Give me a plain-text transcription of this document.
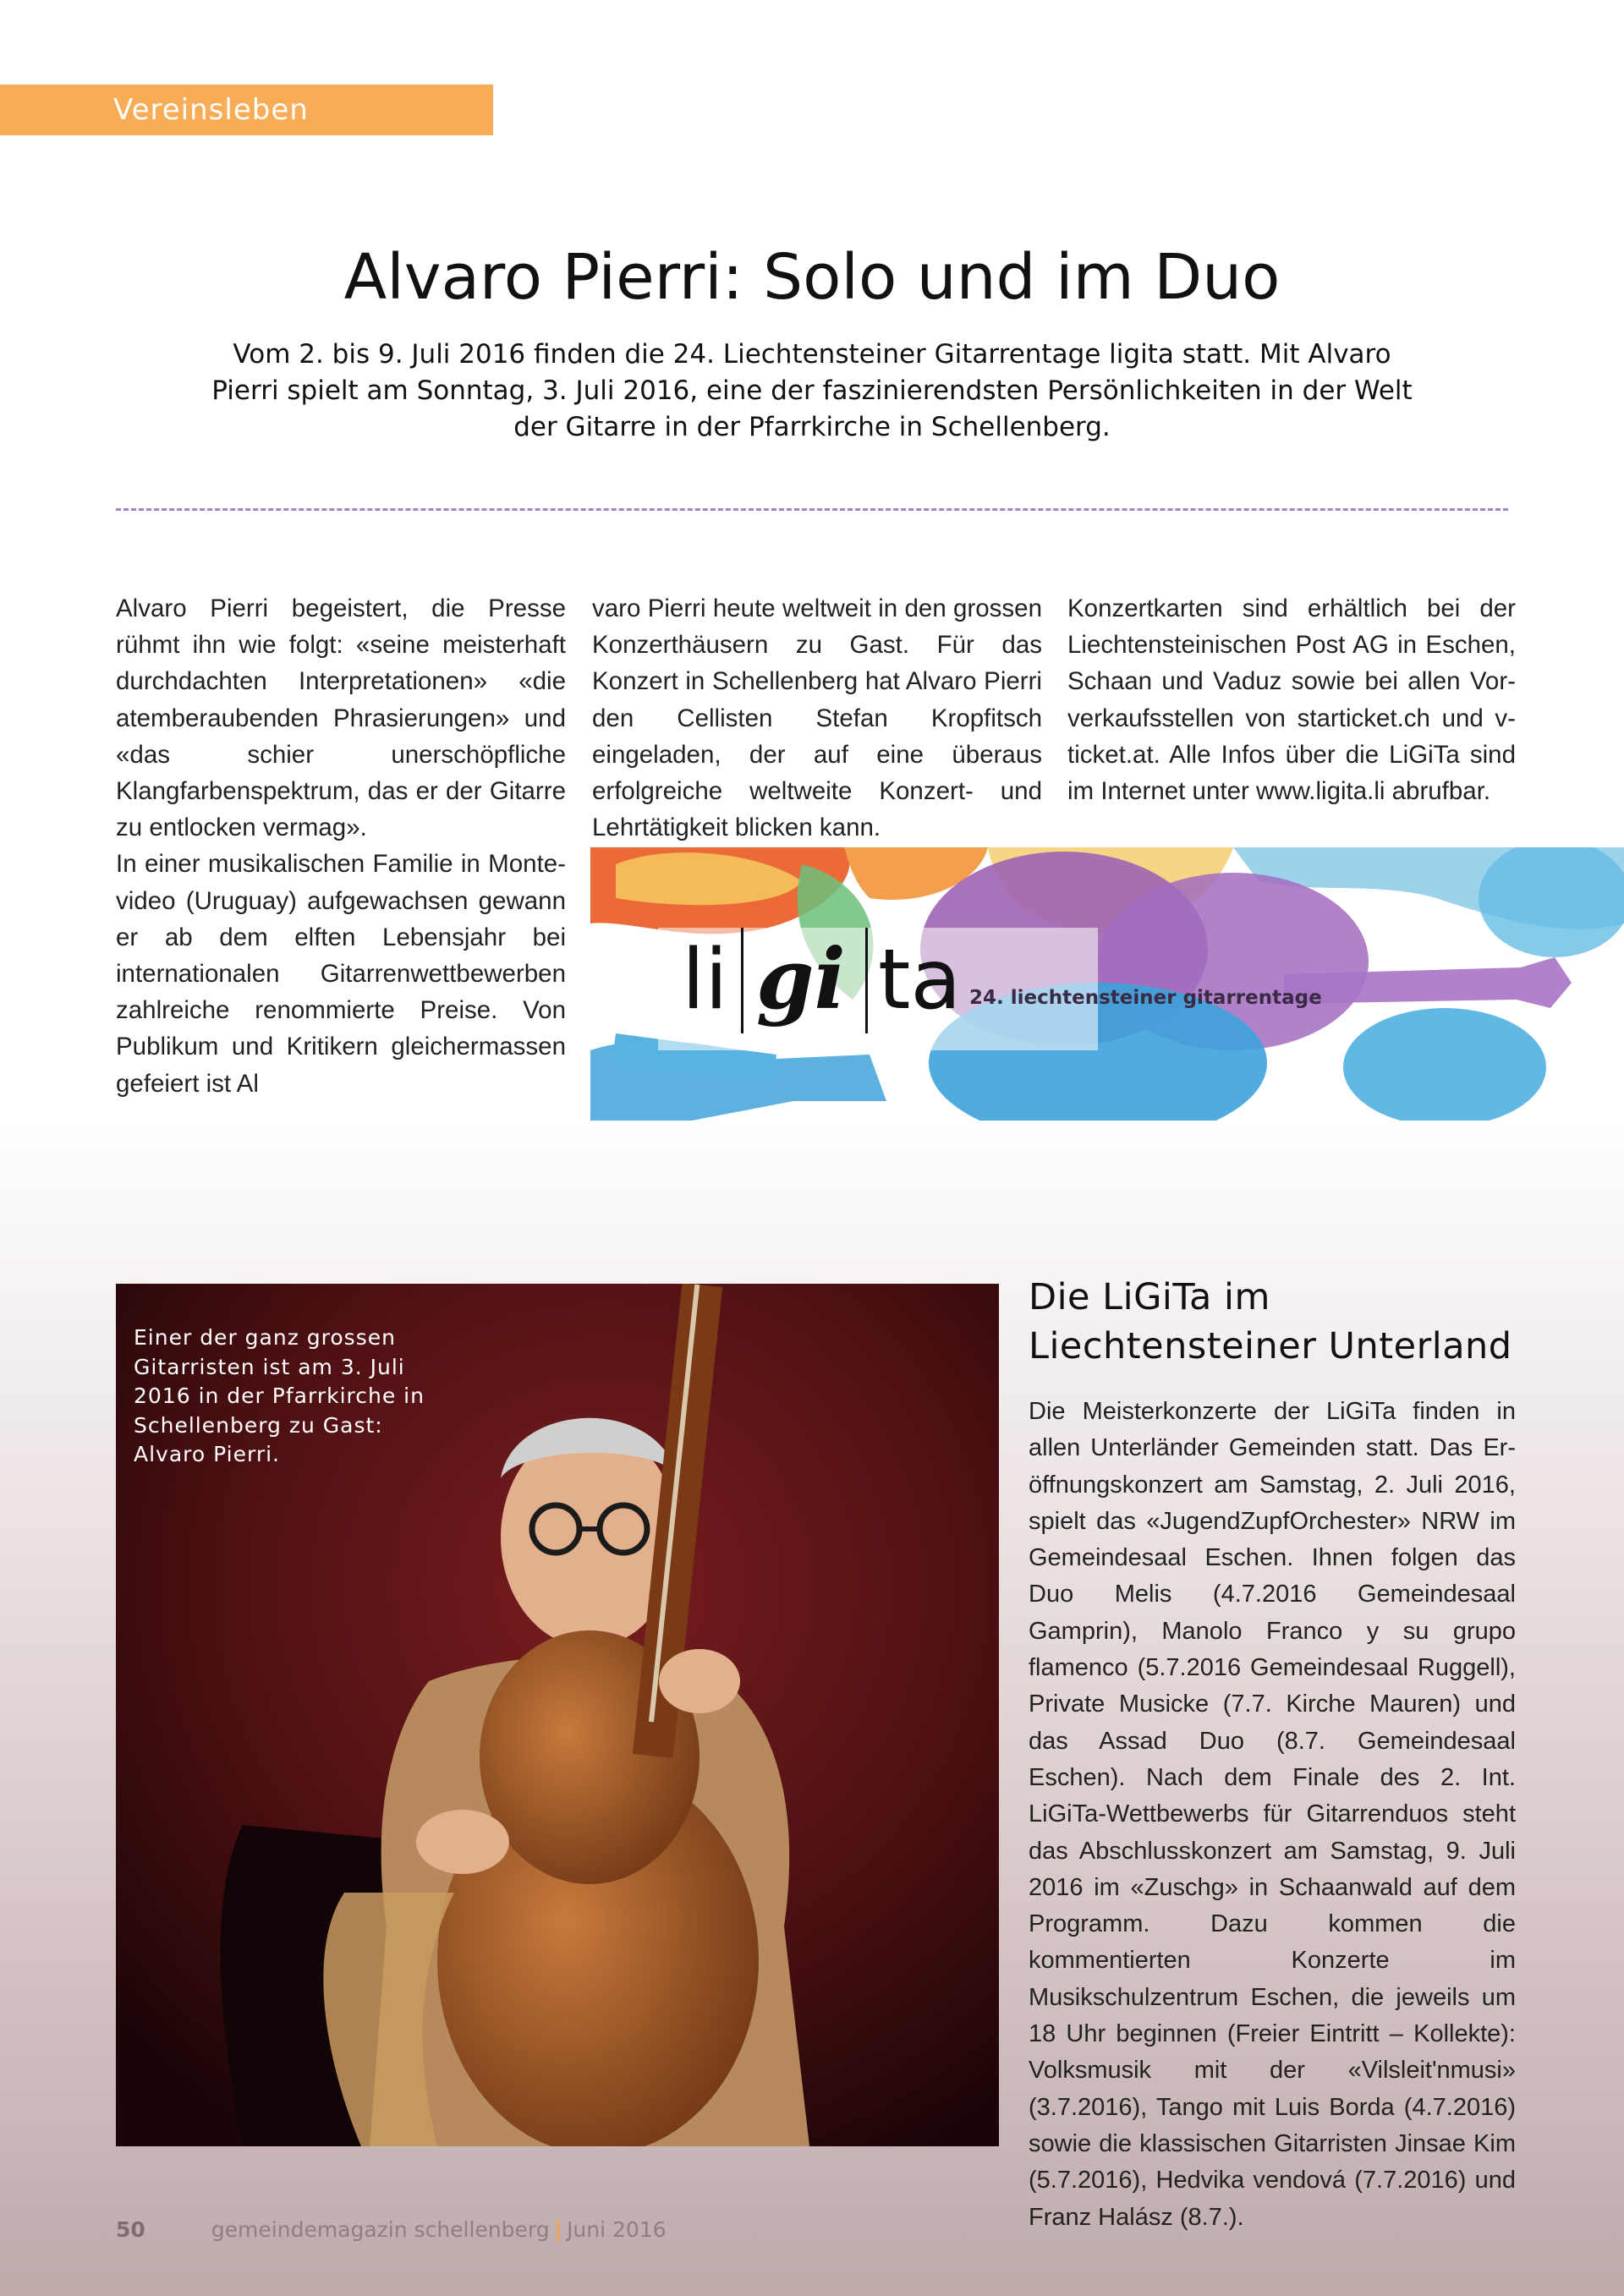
Vereinsleben
Alvaro Pierri: Solo und im Duo

Vom 2. bis 9. Juli 2016 finden die 24. Liechtensteiner Gitarrentage ligita statt. Mit Alvaro Pierri spielt am Sonntag, 3. Juli 2016, eine der faszinierendsten Persönlichkeiten in der Welt der Gitarre in der Pfarrkirche in Schellenberg.

Alvaro Pierri begeistert, die Presse rühmt ihn wie folgt: «seine meisterhaft durchdachten Interpretationen» «die atemberaubenden Phrasierungen» und «das schier unerschöpfliche Klangfarbenspektrum, das er der Gitarre zu entlocken vermag».

In einer musikalischen Familie in Montevideo (Uruguay) aufgewachsen gewann er ab dem elften Lebensjahr bei internationalen Gitarrenwettbewerben zahlreiche renommierte Preise. Von Publikum und Kritikern gleichermassen gefeiert ist Al

varo Pierri heute weltweit in den grossen Konzerthäusern zu Gast. Für das Konzert in Schellenberg hat Alvaro Pierri den Cellisten Stefan Kropfitsch eingeladen, der auf eine überaus erfolgreiche weltweite Konzert- und Lehrtätigkeit blicken kann.

Konzertkarten sind erhältlich bei der Liechtensteinischen Post AG in Eschen, Schaan und Vaduz sowie bei allen Vorverkaufsstellen von starticket.ch und v-ticket.at. Alle Infos über die LiGiTa sind im Internet unter www.ligita.li abrufbar.

li gi ta 24. liechtensteiner gitarrentage

Einer der ganz grossen Gitarristen ist am 3. Juli 2016 in der Pfarrkirche in Schellenberg zu Gast: Alvaro Pierri.

Die LiGiTa im
Liechtensteiner Unterland

Die Meisterkonzerte der LiGiTa finden in allen Unterländer Gemeinden statt. Das Eröffnungskonzert am Samstag, 2. Juli 2016, spielt das «JugendZupfOrchester» NRW im Gemeindesaal Eschen. Ihnen folgen das Duo Melis (4.7.2016 Gemeindesaal Gamprin), Manolo Franco y su grupo flamenco (5.7.2016 Gemeindesaal Ruggell), Private Musicke (7.7. Kirche Mauren) und das Assad Duo (8.7. Gemeindesaal Eschen). Nach dem Finale des 2. Int. LiGiTa-Wettbewerbs für Gitarrenduos steht das Abschlusskonzert am Samstag, 9. Juli 2016 im «Zuschg» in Schaanwald auf dem Programm. Dazu kommen die kommentierten Konzerte im Musikschulzentrum Eschen, die jeweils um 18 Uhr beginnen (Freier Eintritt – Kollekte): Volksmusik mit der «Vilsleit'nmusi» (3.7.2016), Tango mit Luis Borda (4.7.2016) sowie die klassischen Gitarristen Jinsae Kim (5.7.2016), Hedvika vendová (7.7.2016) und Franz Halász (8.7.).

50	gemeindemagazin schellenberg | Juni 2016
